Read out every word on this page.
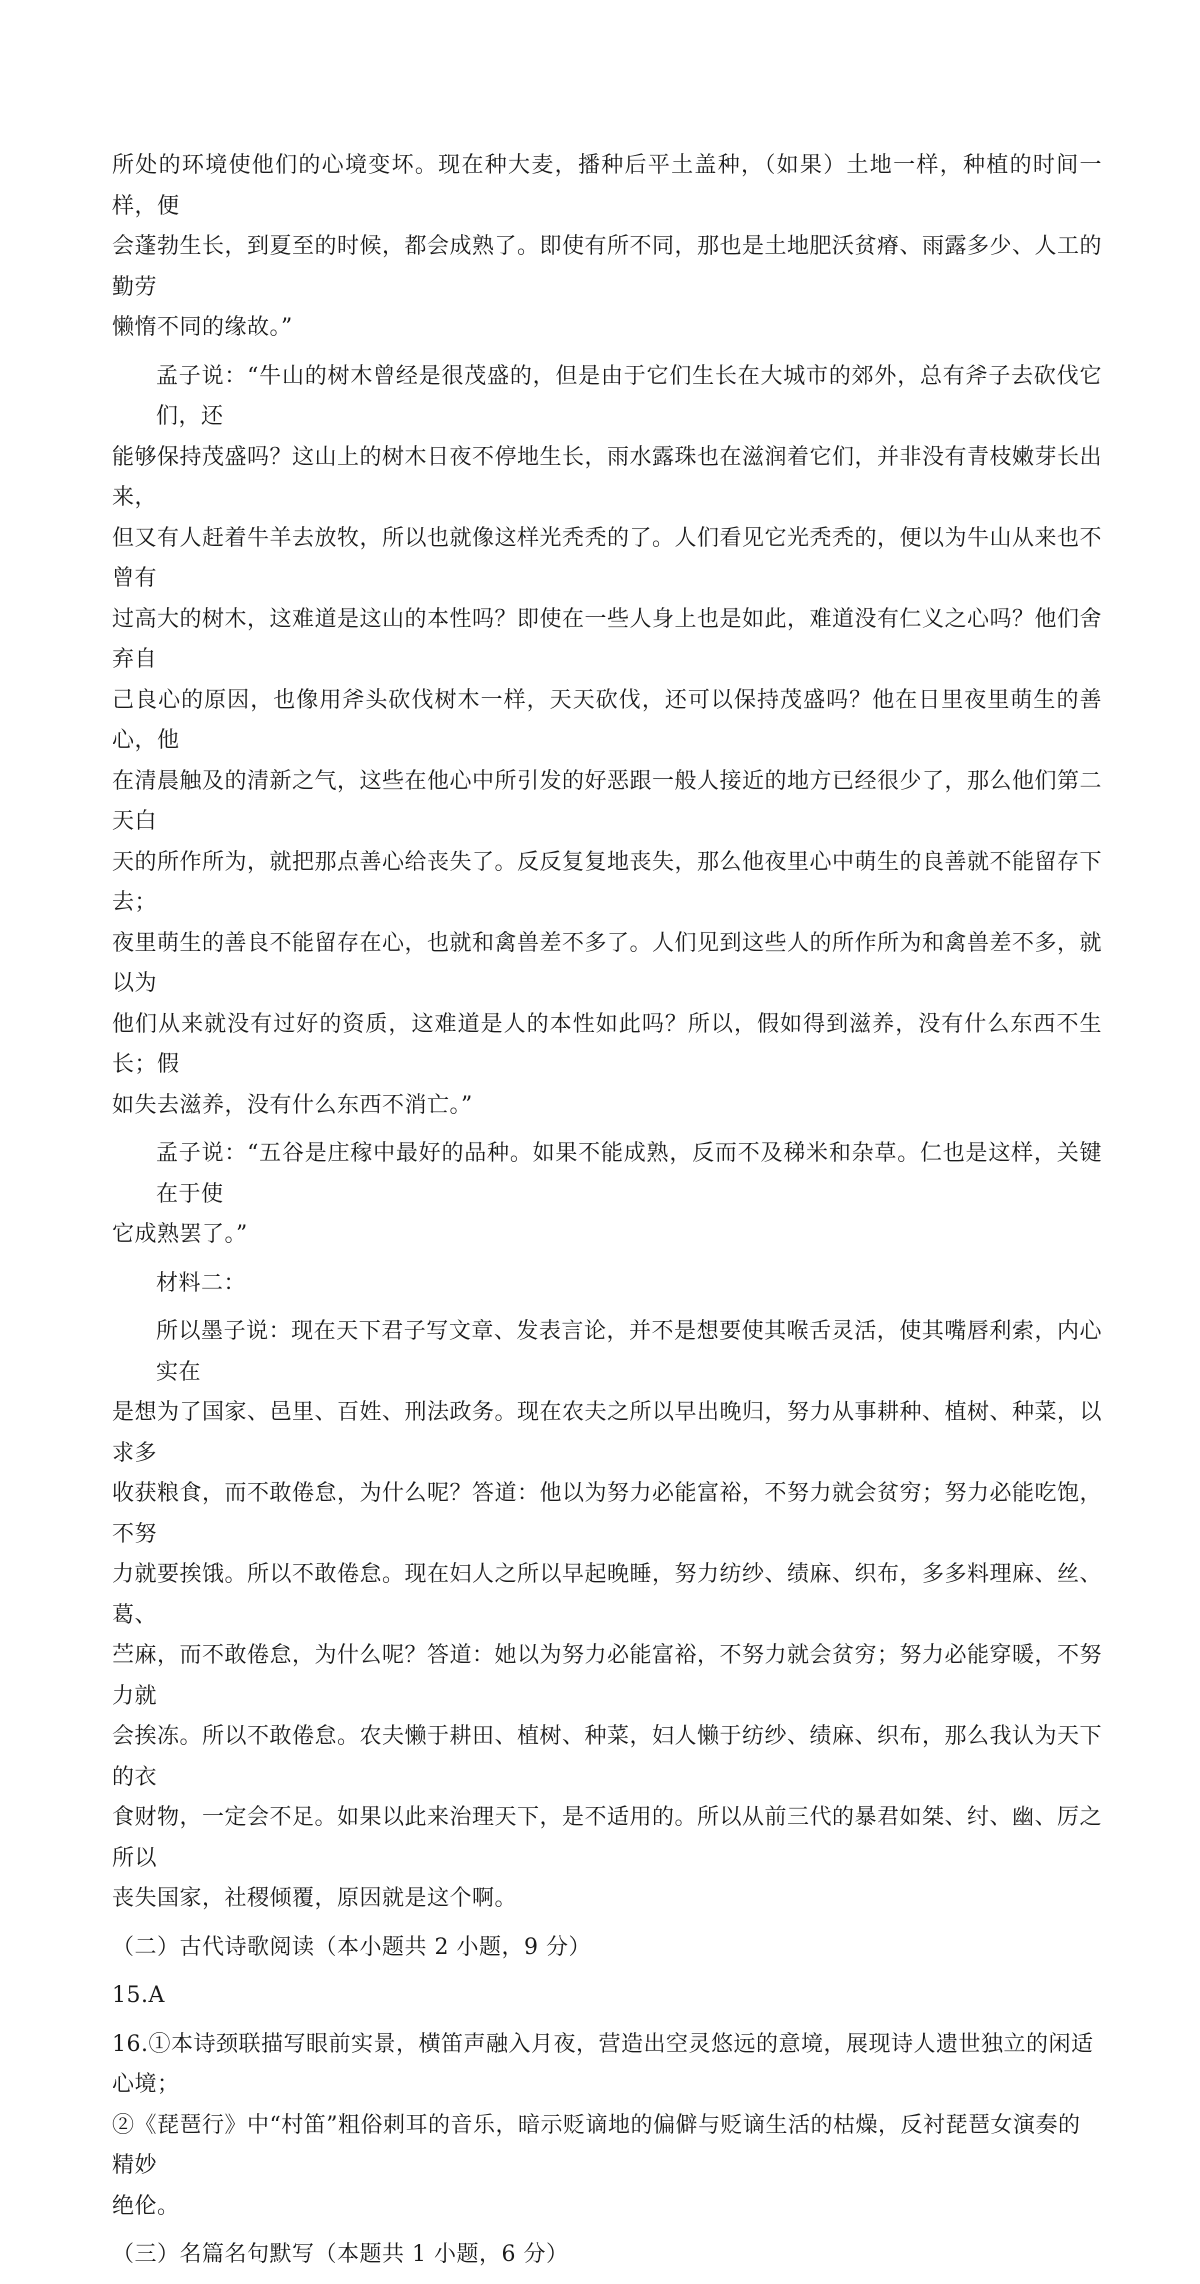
所处的环境使他们的心境变坏。现在种大麦，播种后平土盖种，（如果）土地一样，种植的时间一样，便
会蓬勃生长，到夏至的时候，都会成熟了。即使有所不同，那也是土地肥沃贫瘠、雨露多少、人工的勤劳
懒惰不同的缘故。”
孟子说：“牛山的树木曾经是很茂盛的，但是由于它们生长在大城市的郊外，总有斧子去砍伐它们，还
能够保持茂盛吗？这山上的树木日夜不停地生长，雨水露珠也在滋润着它们，并非没有青枝嫩芽长出来，
但又有人赶着牛羊去放牧，所以也就像这样光秃秃的了。人们看见它光秃秃的，便以为牛山从来也不曾有
过高大的树木，这难道是这山的本性吗？即使在一些人身上也是如此，难道没有仁义之心吗？他们舍弃自
己良心的原因，也像用斧头砍伐树木一样，天天砍伐，还可以保持茂盛吗？他在日里夜里萌生的善心，他
在清晨触及的清新之气，这些在他心中所引发的好恶跟一般人接近的地方已经很少了，那么他们第二天白
天的所作所为，就把那点善心给丧失了。反反复复地丧失，那么他夜里心中萌生的良善就不能留存下去；
夜里萌生的善良不能留存在心，也就和禽兽差不多了。人们见到这些人的所作所为和禽兽差不多，就以为
他们从来就没有过好的资质，这难道是人的本性如此吗？所以，假如得到滋养，没有什么东西不生长；假
如失去滋养，没有什么东西不消亡。”
孟子说：“五谷是庄稼中最好的品种。如果不能成熟，反而不及稊米和杂草。仁也是这样，关键在于使
它成熟罢了。”
材料二：
所以墨子说：现在天下君子写文章、发表言论，并不是想要使其喉舌灵活，使其嘴唇利索，内心实在
是想为了国家、邑里、百姓、刑法政务。现在农夫之所以早出晚归，努力从事耕种、植树、种菜，以求多
收获粮食，而不敢倦怠，为什么呢？答道：他以为努力必能富裕，不努力就会贫穷；努力必能吃饱，不努
力就要挨饿。所以不敢倦怠。现在妇人之所以早起晚睡，努力纺纱、绩麻、织布，多多料理麻、丝、葛、
苎麻，而不敢倦怠，为什么呢？答道：她以为努力必能富裕，不努力就会贫穷；努力必能穿暖，不努力就
会挨冻。所以不敢倦怠。农夫懒于耕田、植树、种菜，妇人懒于纺纱、绩麻、织布，那么我认为天下的衣
食财物，一定会不足。如果以此来治理天下，是不适用的。所以从前三代的暴君如桀、纣、幽、厉之所以
丧失国家，社稷倾覆，原因就是这个啊。
（二）古代诗歌阅读（本小题共 2 小题，9 分）
15.A
16.①本诗颈联描写眼前实景，横笛声融入月夜，营造出空灵悠远的意境，展现诗人遗世独立的闲适心境；
②《琵琶行》中“村笛”粗俗刺耳的音乐，暗示贬谪地的偏僻与贬谪生活的枯燥，反衬琵琶女演奏的精妙
绝伦。
（三）名篇名句默写（本题共 1 小题，6 分）
